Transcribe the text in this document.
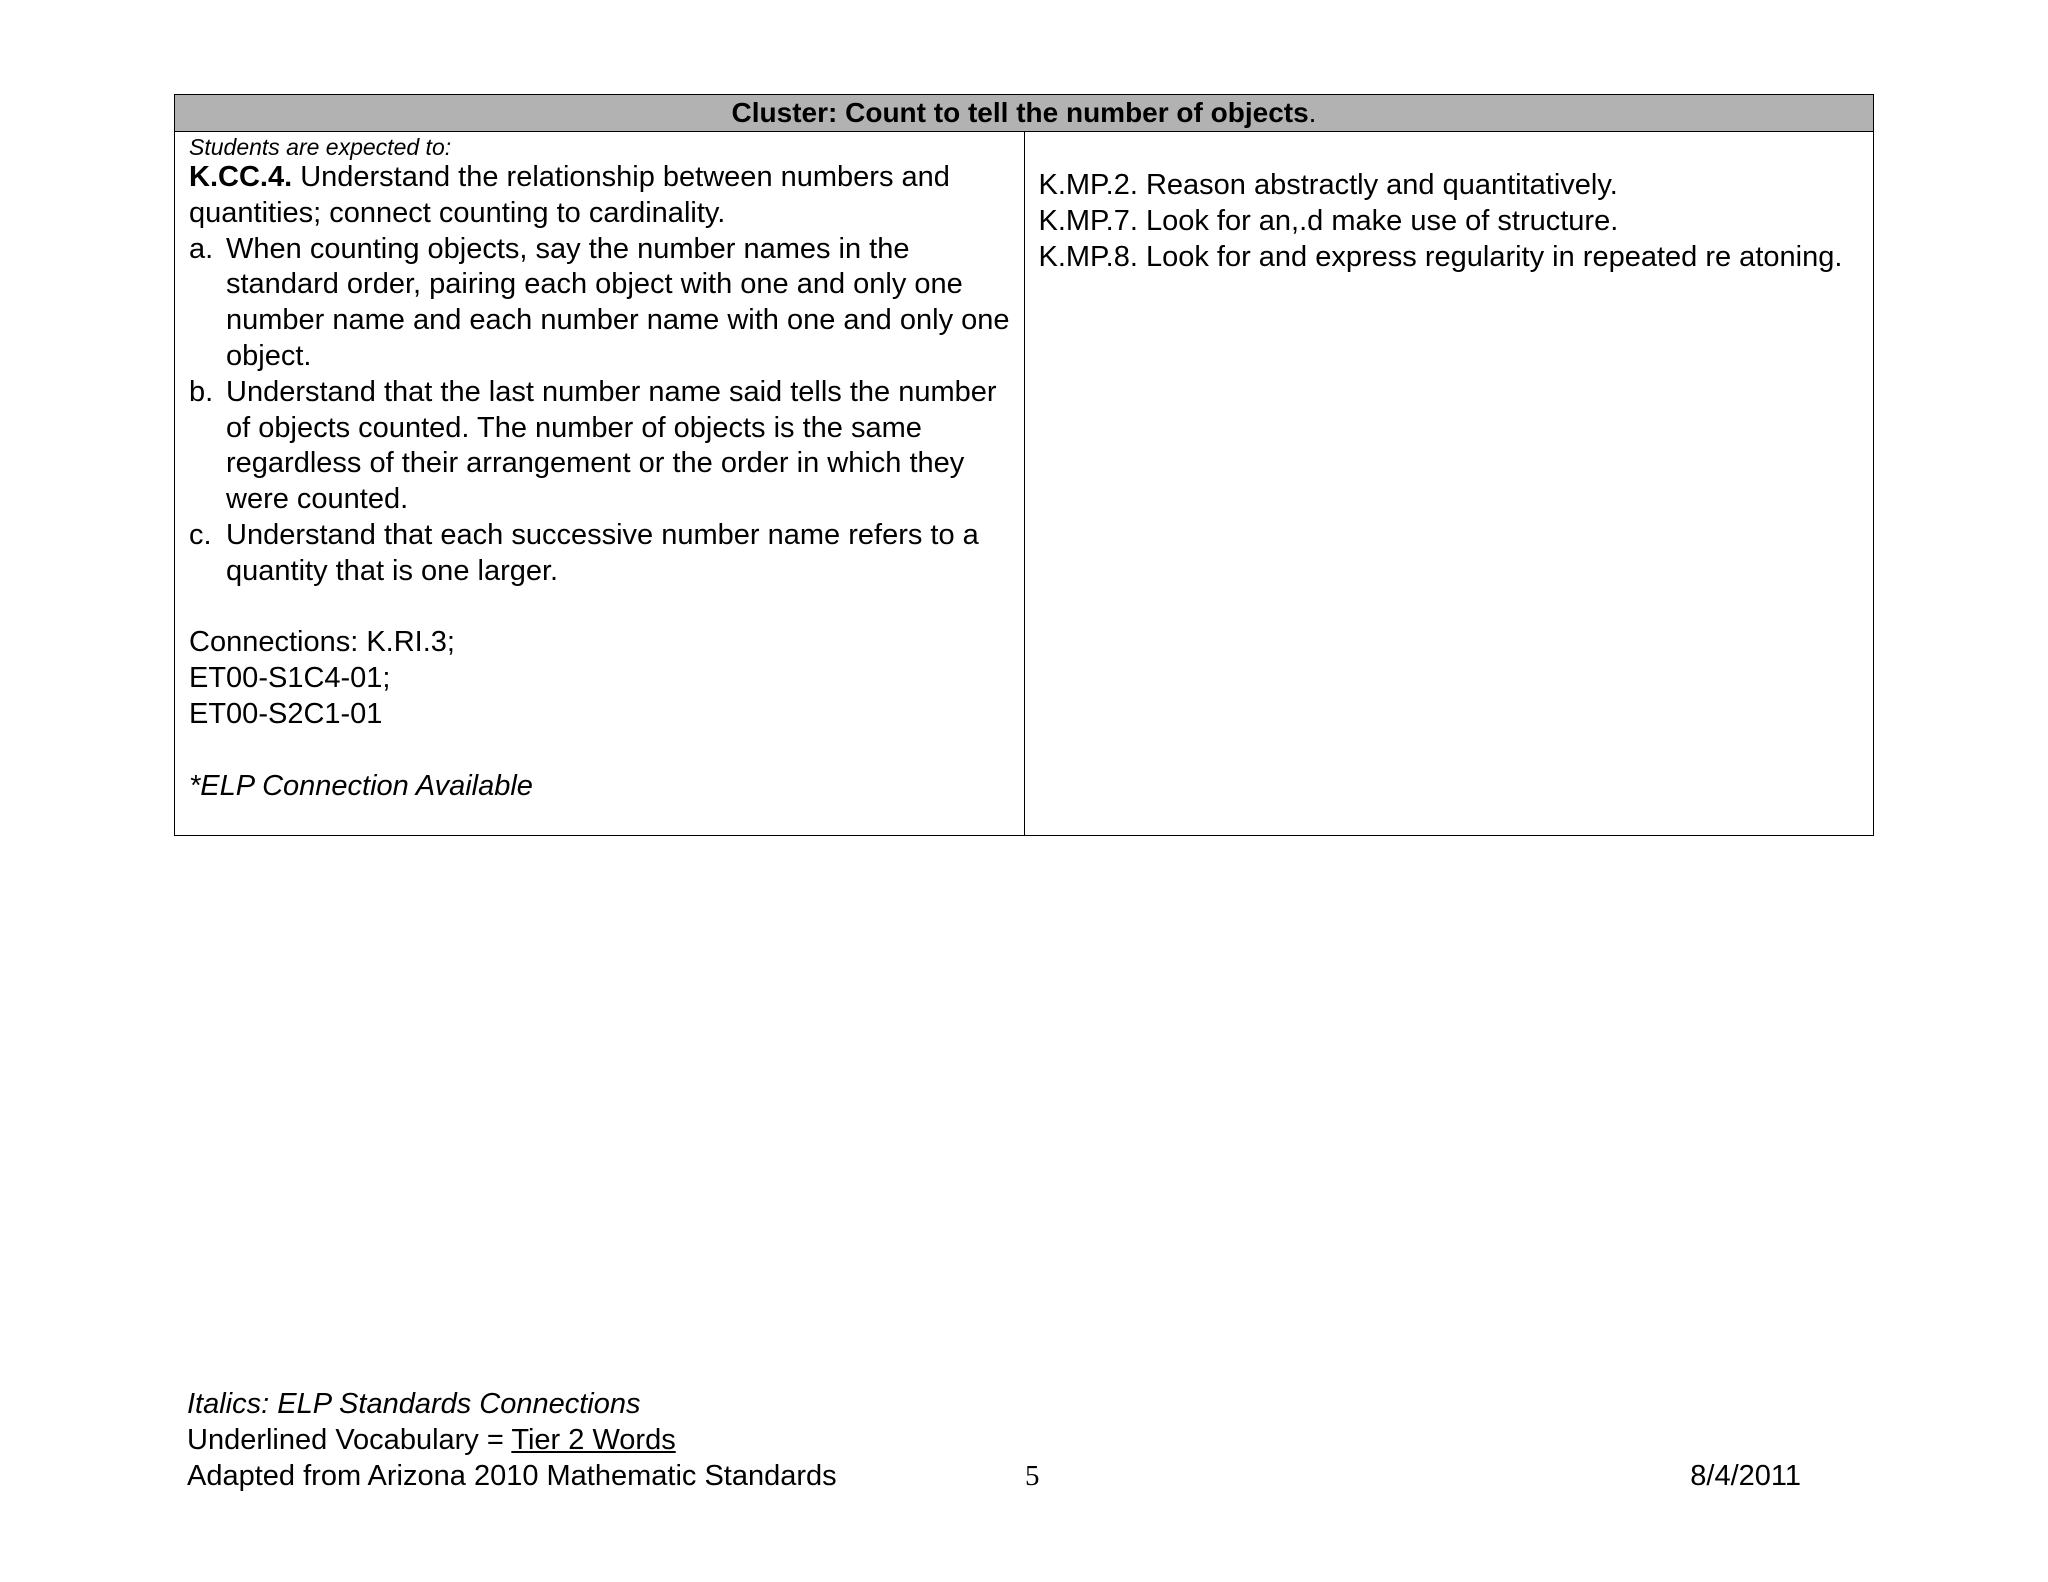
Cluster: Count to tell the number of objects.

Students are expected to:

K.CC.4. Understand the relationship between numbers and quantities; connect counting to cardinality.

a. When counting objects, say the number names in the standard order, pairing each object with one and only one number name and each number name with one and only one object.
b. Understand that the last number name said tells the number of objects counted. The number of objects is the same regardless of their arrangement or the order in which they were counted.
c. Understand that each successive number name refers to a quantity that is one larger.

Connections: K.RI.3;

ET00-S1C4-01;

ET00-S2C1-01

*ELP Connection Available

K.MP.2. Reason abstractly and quantitatively.

K.MP.7. Look for an,.d make use of structure.

K.MP.8. Look for and express regularity in repeated re atoning.

Italics: ELP Standards Connections
Underlined Vocabulary = Tier 2 Words
Adapted from Arizona 2010 Mathematic Standards	5	8/4/2011
